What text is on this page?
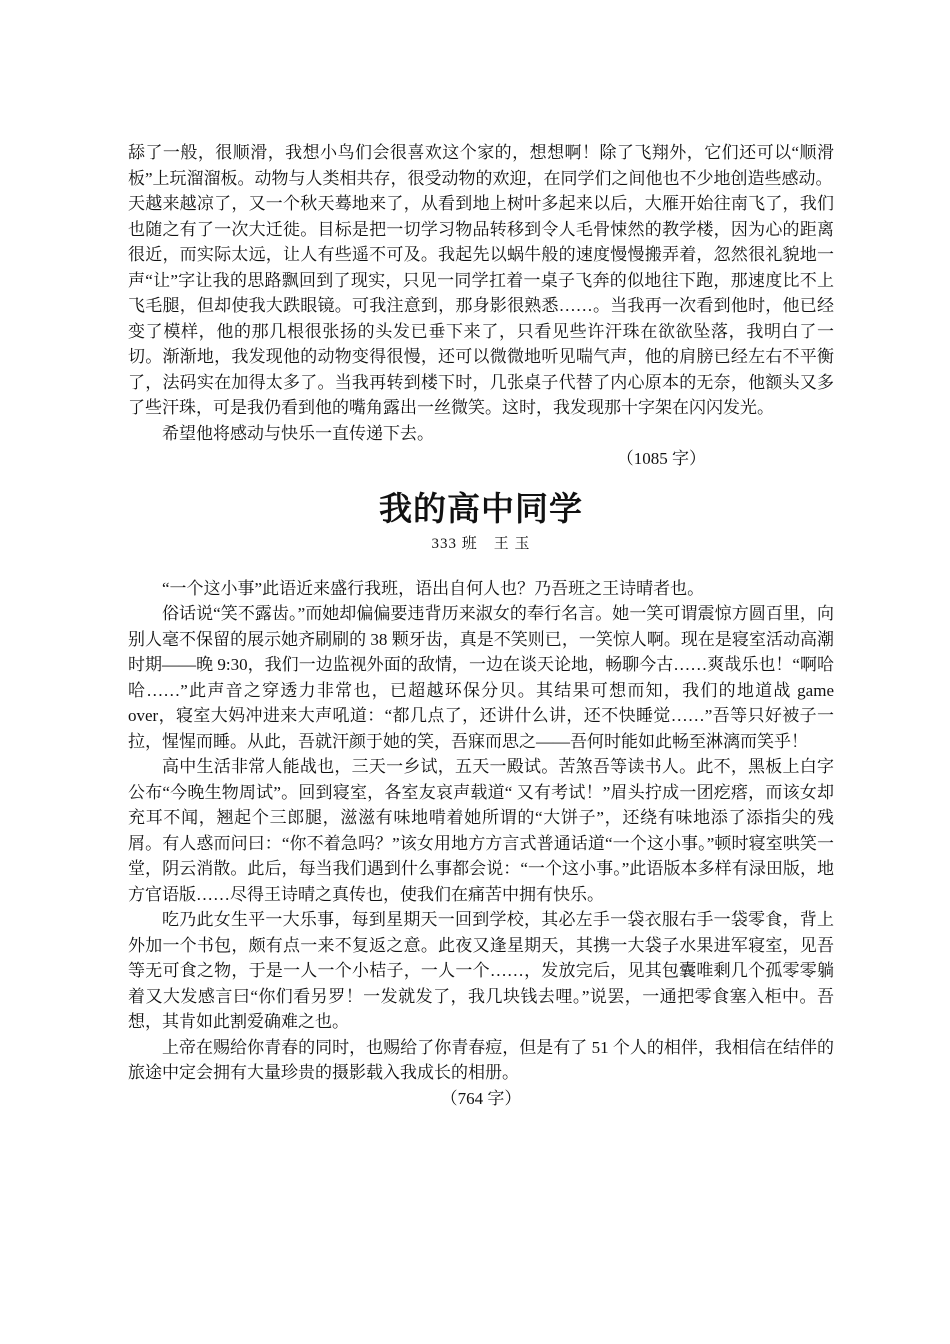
舔了一般，很顺滑，我想小鸟们会很喜欢这个家的，想想啊！除了飞翔外，它们还可以“顺滑板”上玩溜溜板。动物与人类相共存，很受动物的欢迎，在同学们之间他也不少地创造些感动。

天越来越凉了，又一个秋天蓦地来了，从看到地上树叶多起来以后，大雁开始往南飞了，我们也随之有了一次大迁徙。目标是把一切学习物品转移到令人毛骨悚然的教学楼，因为心的距离很近，而实际太远，让人有些遥不可及。我起先以蜗牛般的速度慢慢搬弄着，忽然很礼貌地一声“让”字让我的思路飘回到了现实，只见一同学扛着一桌子飞奔的似地往下跑，那速度比不上飞毛腿，但却使我大跌眼镜。可我注意到，那身影很熟悉……。当我再一次看到他时，他已经变了模样，他的那几根很张扬的头发已垂下来了，只看见些许汗珠在欲欲坠落，我明白了一切。渐渐地，我发现他的动物变得很慢，还可以微微地听见喘气声，他的肩膀已经左右不平衡了，法码实在加得太多了。当我再转到楼下时，几张桌子代替了内心原本的无奈，他额头又多了些汗珠，可是我仍看到他的嘴角露出一丝微笑。这时，我发现那十字架在闪闪发光。

希望他将感动与快乐一直传递下去。

（1085 字）

我的高中同学
333 班　王 玉

“一个这小事”此语近来盛行我班，语出自何人也？乃吾班之王诗晴者也。

俗话说“笑不露齿。”而她却偏偏要违背历来淑女的奉行名言。她一笑可谓震惊方圆百里，向别人毫不保留的展示她齐刷刷的 38 颗牙齿，真是不笑则已，一笑惊人啊。现在是寝室活动高潮时期——晚 9:30，我们一边监视外面的敌情，一边在谈天论地，畅聊今古……爽哉乐也！“啊哈哈……”此声音之穿透力非常也，已超越环保分贝。其结果可想而知，我们的地道战 game over，寝室大妈冲进来大声吼道：“都几点了，还讲什么讲，还不快睡觉……”吾等只好被子一拉，惺惺而睡。从此，吾就汗颜于她的笑，吾寐而思之——吾何时能如此畅至淋漓而笑乎！

高中生活非常人能战也，三天一乡试，五天一殿试。苦煞吾等读书人。此不，黑板上白字公布“今晚生物周试”。回到寝室，各室友哀声载道“ 又有考试！”眉头拧成一团疙瘩，而该女却充耳不闻，翘起个三郎腿，滋滋有味地啃着她所谓的“大饼子”，还绕有味地添了添指尖的残屑。有人惑而问曰：“你不着急吗？”该女用地方方言式普通话道“一个这小事。”顿时寝室哄笑一堂，阴云消散。此后，每当我们遇到什么事都会说：“一个这小事。”此语版本多样有渌田版，地方官语版……尽得王诗晴之真传也，使我们在痛苦中拥有快乐。

吃乃此女生平一大乐事，每到星期天一回到学校，其必左手一袋衣服右手一袋零食，背上外加一个书包，颇有点一来不复返之意。此夜又逢星期天，其携一大袋子水果进军寝室，见吾等无可食之物，于是一人一个小桔子，一人一个……，发放完后，见其包囊唯剩几个孤零零躺着又大发感言曰“你们看另罗！一发就发了，我几块钱去哩。”说罢，一通把零食塞入柜中。吾想，其肯如此割爱确难之也。

上帝在赐给你青春的同时，也赐给了你青春痘，但是有了 51 个人的相伴，我相信在结伴的旅途中定会拥有大量珍贵的摄影载入我成长的相册。

（764 字）
